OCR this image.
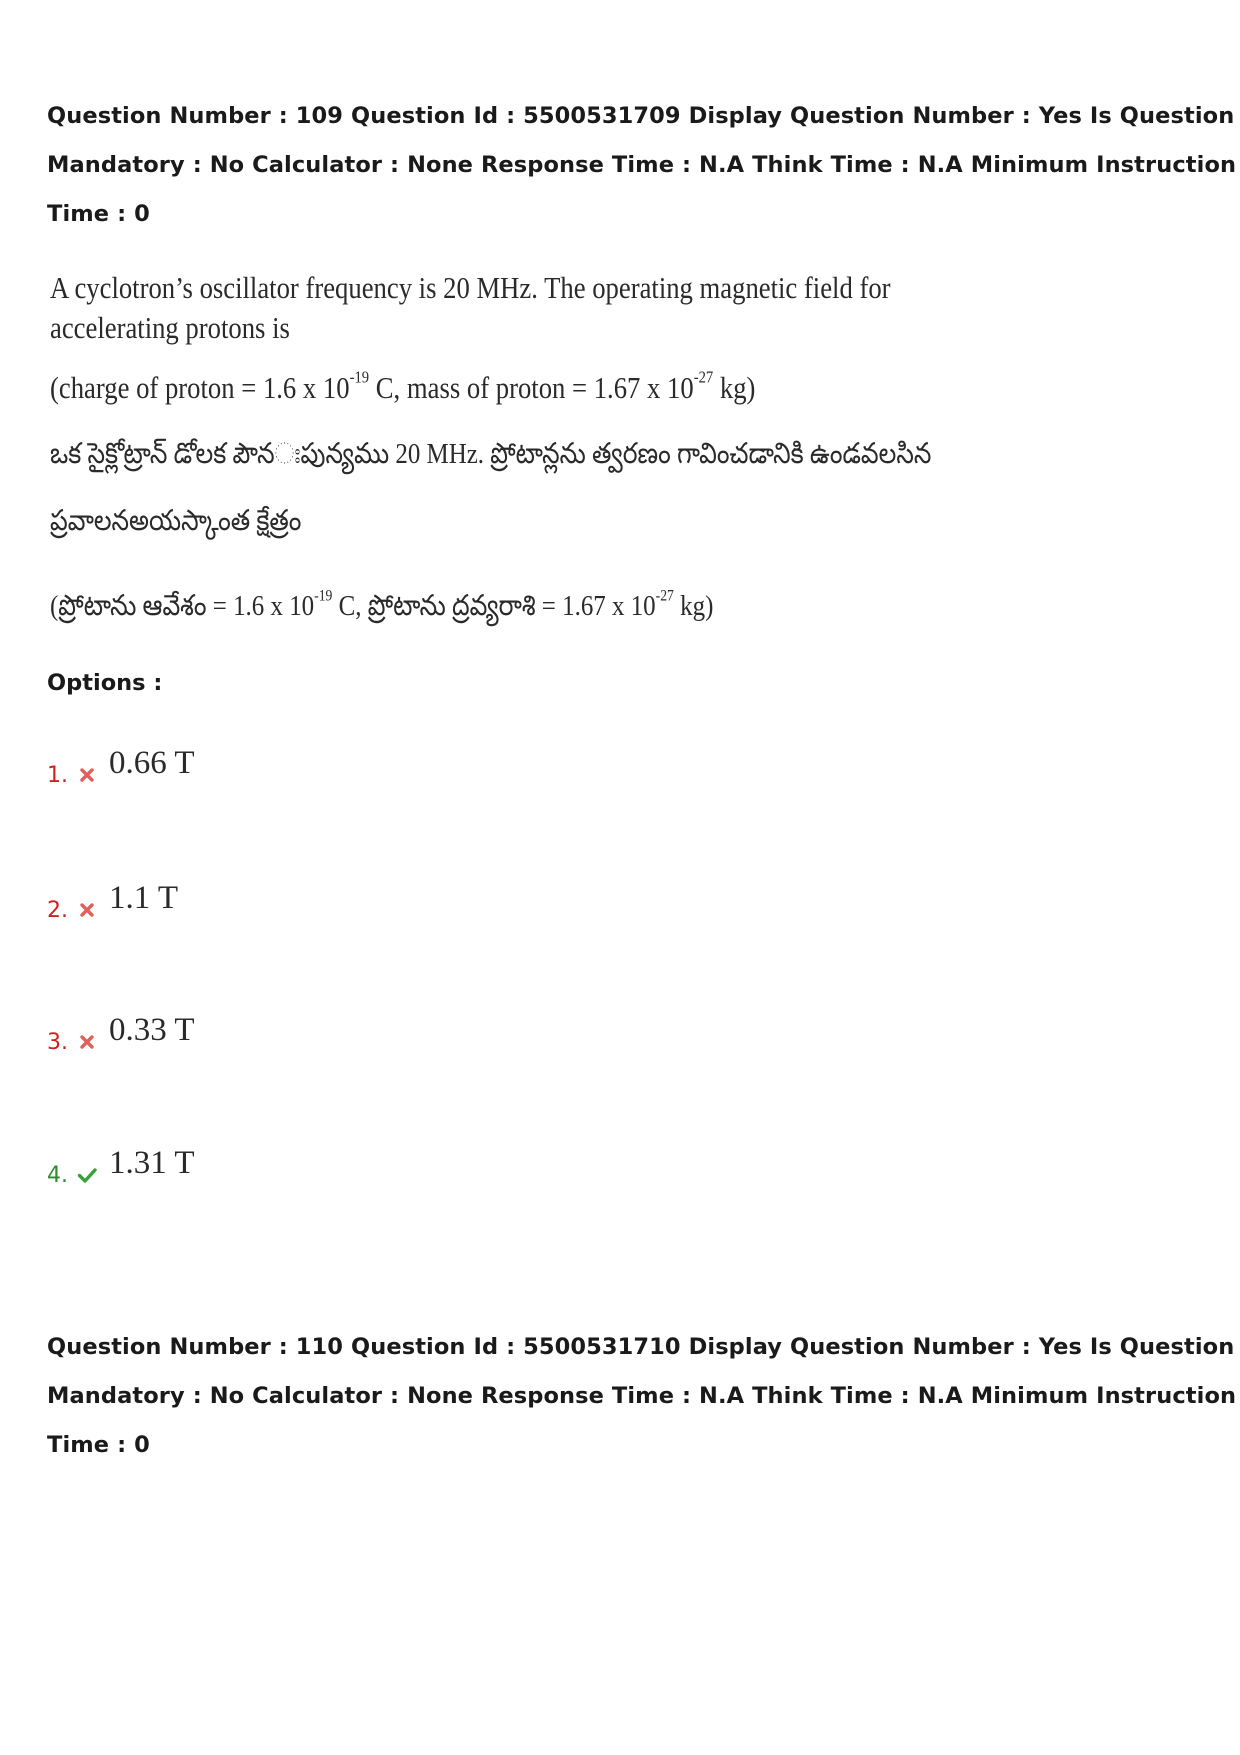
Question Number : 109 Question Id : 5500531709 Display Question Number : Yes Is Question
Mandatory : No Calculator : None Response Time : N.A Think Time : N.A Minimum Instruction
Time : 0
A cyclotron’s oscillator frequency is 20 MHz. The operating magnetic field for
accelerating protons is
(charge of proton = 1.6 x $10^{-19}$ C, mass of proton = 1.67 x $10^{-27}$ kg)
ఒక సైక్లోట్రాన్ డోలక పౌనಃపున్యము 20 MHz. ప్రోటాన్లను త్వరణం గావించడానికి ఉండవలసిన
ప్రవాలనఅయస్కాంత క్షేత్రం
(ప్రోటాను ఆవేశం = 1.6 x $10^{-19}$ C, ప్రోటాను ద్రవ్యరాశి = 1.67 x $10^{-27}$ kg)
Options :
1. 0.66 T
2. 1.1 T
3. 0.33 T
4. 1.31 T
Question Number : 110 Question Id : 5500531710 Display Question Number : Yes Is Question
Mandatory : No Calculator : None Response Time : N.A Think Time : N.A Minimum Instruction
Time : 0
